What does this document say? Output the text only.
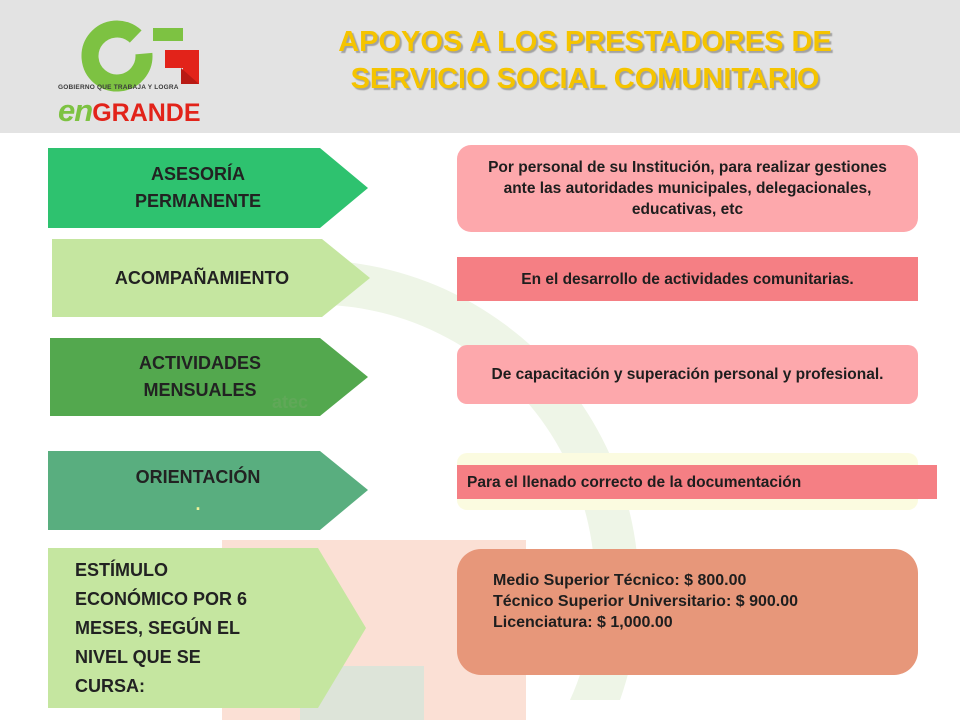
GOBIERNO QUE TRABAJA Y LOGRA
enGRANDE
APOYOS A LOS PRESTADORES DE
SERVICIO SOCIAL COMUNITARIO
ASESORÍA
PERMANENTE
Por personal de su Institución, para realizar gestiones ante las autoridades municipales, delegacionales, educativas, etc
ACOMPAÑAMIENTO	En el desarrollo de actividades comunitarias.
atec
ACTIVIDADES
MENSUALES
De capacitación y superación personal y profesional.
ORIENTACIÓN
.
Para el llenado correcto de la documentación
ESTÍMULO
ECONÓMICO POR 6
MESES, SEGÚN EL
NIVEL QUE SE
CURSA:
Medio Superior Técnico: $ 800.00
Técnico Superior Universitario: $ 900.00
Licenciatura: $ 1,000.00
